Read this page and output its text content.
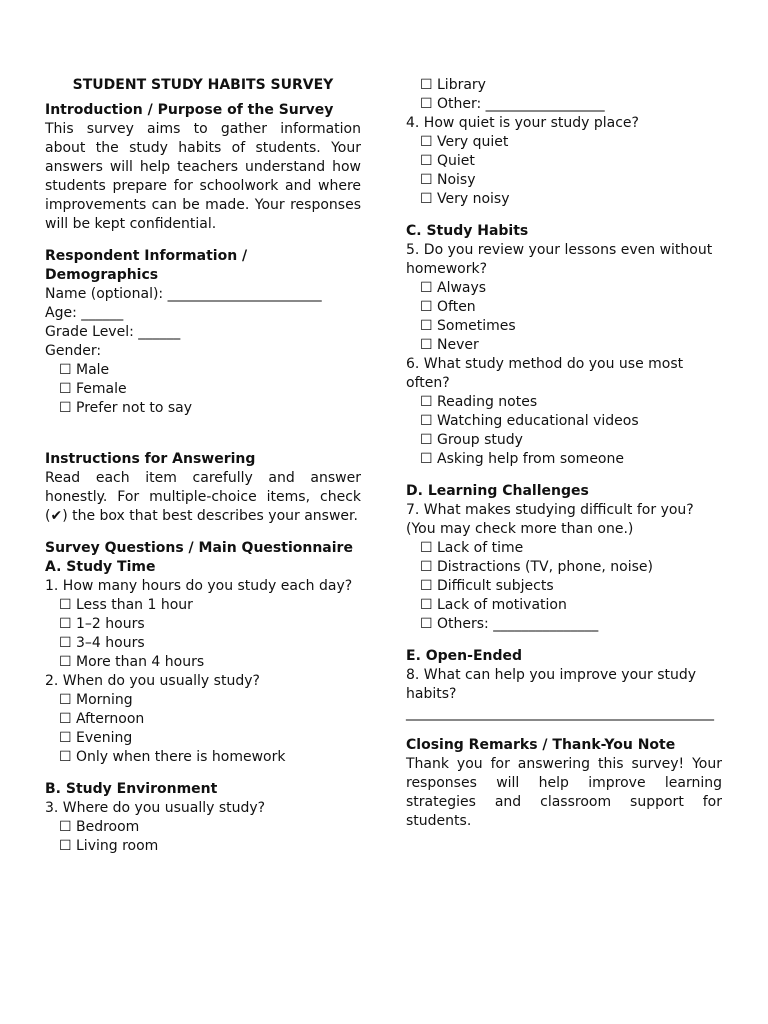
STUDENT STUDY HABITS SURVEY

Introduction / Purpose of the Survey

This survey aims to gather information about the study habits of students. Your answers will help teachers understand how students prepare for schoolwork and where improvements can be made. Your responses will be kept confidential.

Respondent Information / Demographics

Name (optional): ______________________

Age: ______

Grade Level: ______

Gender:

☐ Male

☐ Female

☐ Prefer not to say

Instructions for Answering

Read each item carefully and answer honestly. For multiple-choice items, check (✔) the box that best describes your answer.

Survey Questions / Main Questionnaire

A. Study Time

1. How many hours do you study each day?

☐ Less than 1 hour

☐ 1–2 hours

☐ 3–4 hours

☐ More than 4 hours

2. When do you usually study?

☐ Morning

☐ Afternoon

☐ Evening

☐ Only when there is homework

B. Study Environment

3. Where do you usually study?

☐ Bedroom

☐ Living room

☐ Library

☐ Other: _________________

4. How quiet is your study place?

☐ Very quiet

☐ Quiet

☐ Noisy

☐ Very noisy

C. Study Habits

5. Do you review your lessons even without homework?

☐ Always

☐ Often

☐ Sometimes

☐ Never

6. What study method do you use most often?

☐ Reading notes

☐ Watching educational videos

☐ Group study

☐ Asking help from someone

D. Learning Challenges

7. What makes studying difficult for you?

(You may check more than one.)

☐ Lack of time

☐ Distractions (TV, phone, noise)

☐ Difficult subjects

☐ Lack of motivation

☐ Others: _______________

E. Open-Ended

8. What can help you improve your study habits?

____________________________________________

Closing Remarks / Thank-You Note

Thank you for answering this survey! Your responses will help improve learning strategies and classroom support for students.
